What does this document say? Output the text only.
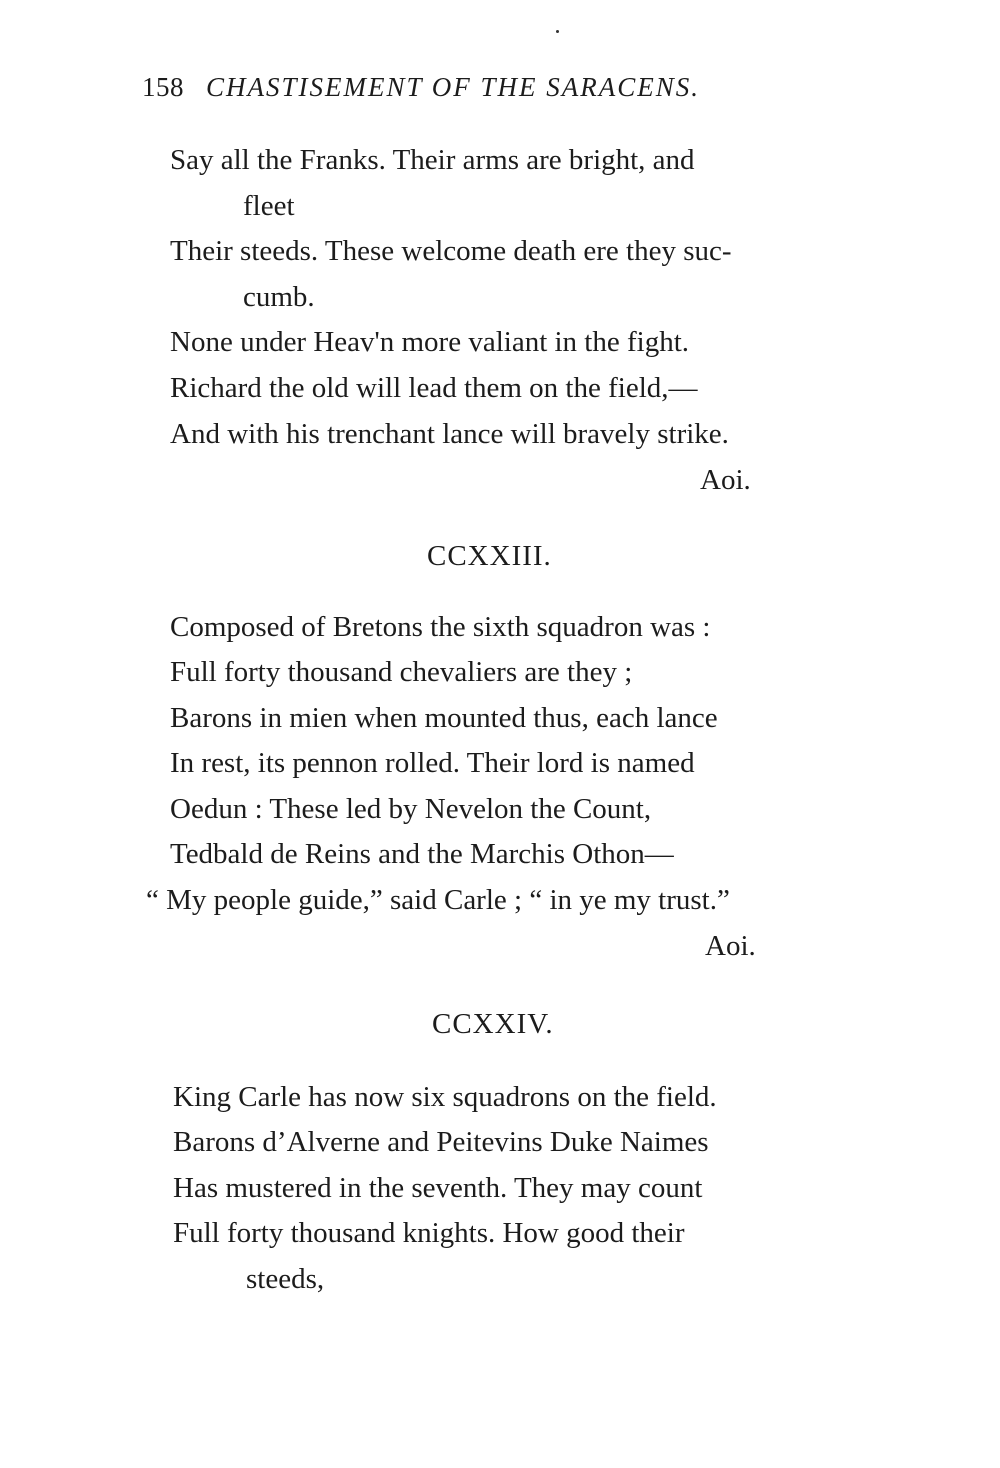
158 CHASTISEMENT OF THE SARACENS.
Say all the Franks. Their arms are bright, and
fleet
Their steeds. These welcome death ere they suc-
cumb.
None under Heav'n more valiant in the fight.
Richard the old will lead them on the field,—
And with his trenchant lance will bravely strike.
Aoi.
CCXXIII.
Composed of Bretons the sixth squadron was :
Full forty thousand chevaliers are they ;
Barons in mien when mounted thus, each lance
In rest, its pennon rolled. Their lord is named
Oedun : These led by Nevelon the Count,
Tedbald de Reins and the Marchis Othon—
“ My people guide,” said Carle ; “ in ye my trust.”
Aoi.
CCXXIV.
King Carle has now six squadrons on the field.
Barons d’Alverne and Peitevins Duke Naimes
Has mustered in the seventh. They may count
Full forty thousand knights. How good their
steeds,
